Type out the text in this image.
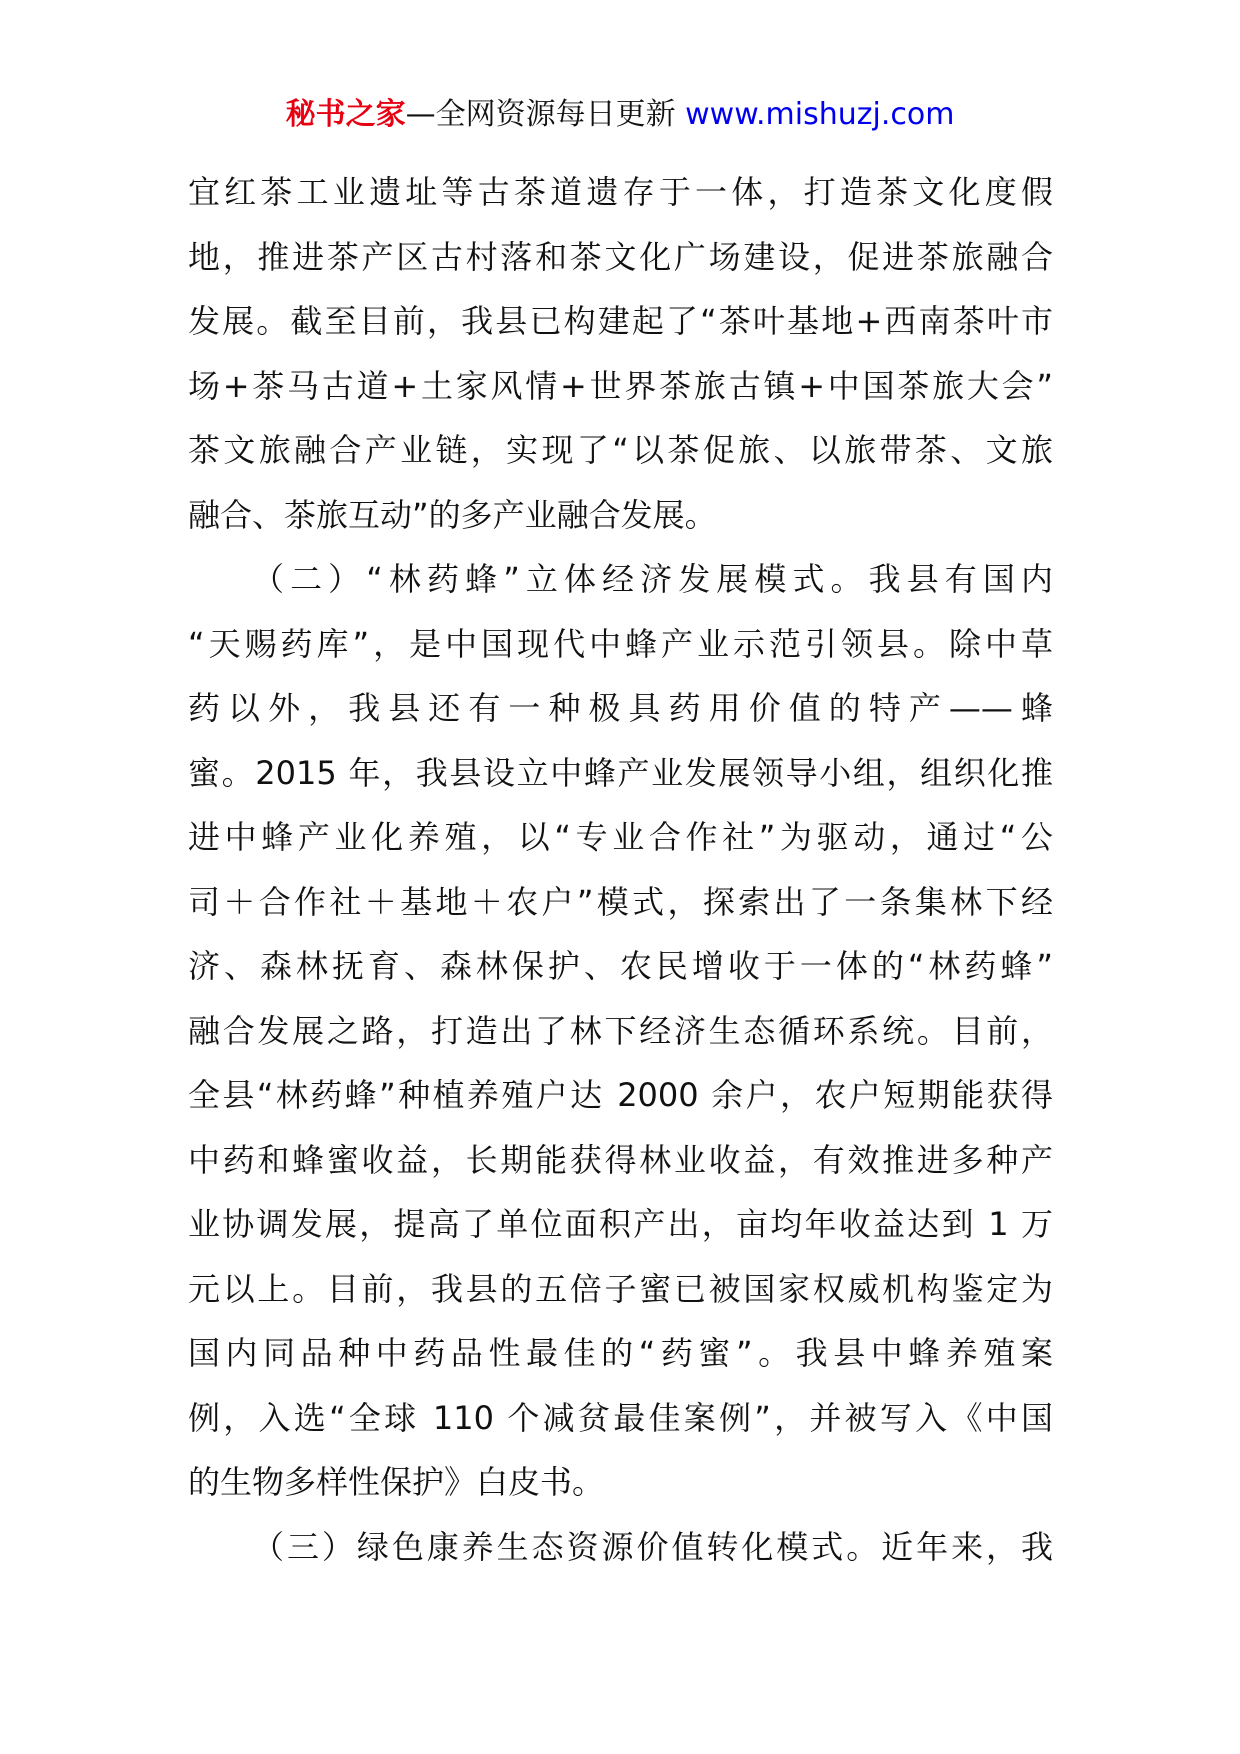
秘书之家—全网资源每日更新 www.mishuzj.com
宜红茶工业遗址等古茶道遗存于一体，打造茶文化度假
地，推进茶产区古村落和茶文化广场建设，促进茶旅融合
发展。截至目前，我县已构建起了“茶叶基地+西南茶叶市
场+茶马古道+土家风情+世界茶旅古镇+中国茶旅大会”
茶文旅融合产业链，实现了“以茶促旅、以旅带茶、文旅
融合、茶旅互动”的多产业融合发展。
（二）“林药蜂”立体经济发展模式。我县有国内
“天赐药库”，是中国现代中蜂产业示范引领县。除中草
药以外，我县还有一种极具药用价值的特产——蜂
蜜。2015 年，我县设立中蜂产业发展领导小组，组织化推
进中蜂产业化养殖，以“专业合作社”为驱动，通过“公
司＋合作社＋基地＋农户”模式，探索出了一条集林下经
济、森林抚育、森林保护、农民增收于一体的“林药蜂”
融合发展之路，打造出了林下经济生态循环系统。目前，
全县“林药蜂”种植养殖户达 2000 余户，农户短期能获得
中药和蜂蜜收益，长期能获得林业收益，有效推进多种产
业协调发展，提高了单位面积产出，亩均年收益达到 1 万
元以上。目前，我县的五倍子蜜已被国家权威机构鉴定为
国内同品种中药品性最佳的“药蜜”。我县中蜂养殖案
例，入选“全球 110 个减贫最佳案例”，并被写入《中国
的生物多样性保护》白皮书。
（三）绿色康养生态资源价值转化模式。近年来，我
